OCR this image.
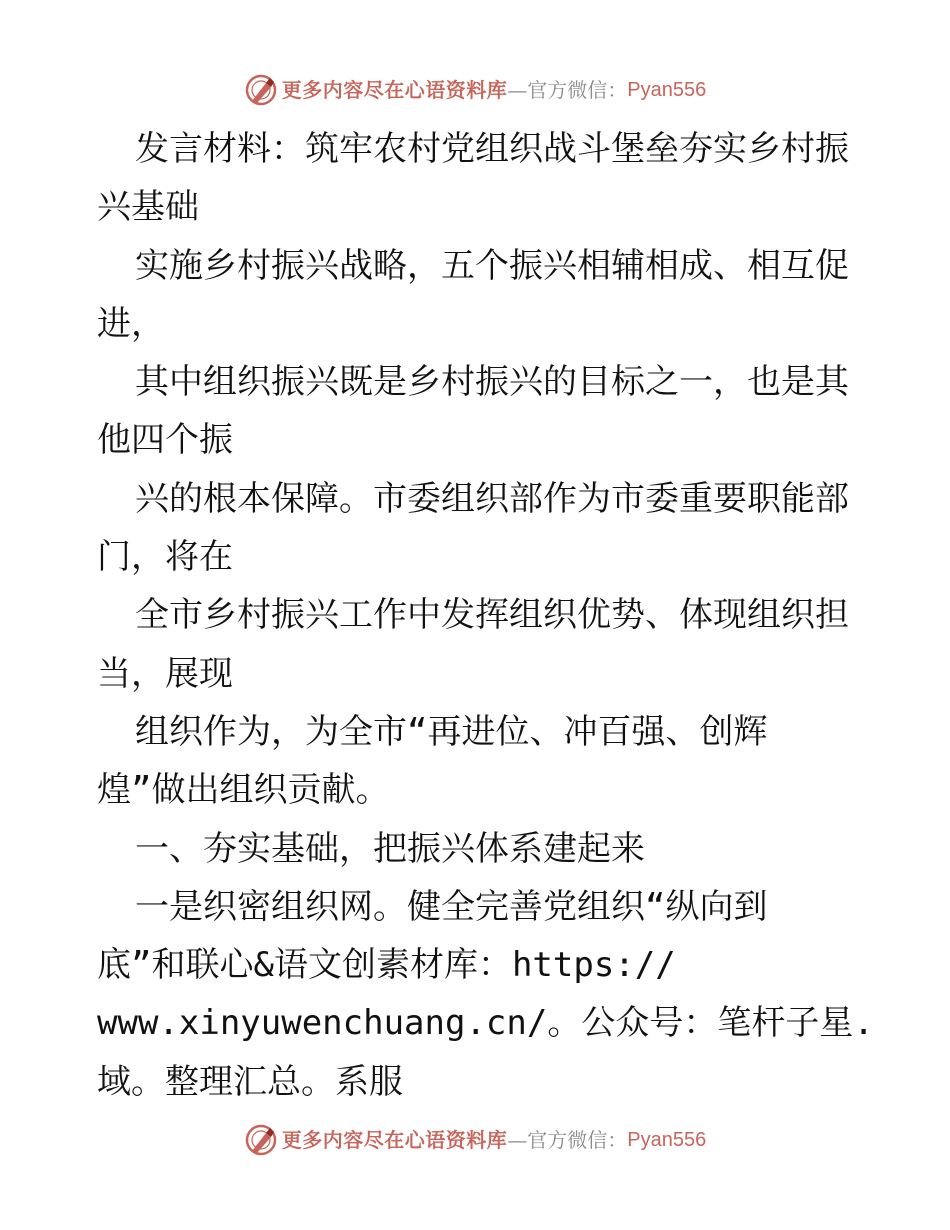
更多内容尽在心语资料库 — 官方微信： Pyan556
发言材料：筑牢农村党组织战斗堡垒夯实乡村振
兴基础
实施乡村振兴战略，五个振兴相辅相成、相互促
进，
其中组织振兴既是乡村振兴的目标之一，也是其
他四个振
兴的根本保障。市委组织部作为市委重要职能部
门，将在
全市乡村振兴工作中发挥组织优势、体现组织担
当，展现
组织作为，为全市“再进位、冲百强、创辉
煌”做出组织贡献。
一、夯实基础，把振兴体系建起来
一是织密组织网。健全完善党组织“纵向到
底”和联心&语文创素材库：https://
www.xinyuwenchuang.cn/。公众号：笔杆子星.
域。整理汇总。系服
更多内容尽在心语资料库 — 官方微信： Pyan556
